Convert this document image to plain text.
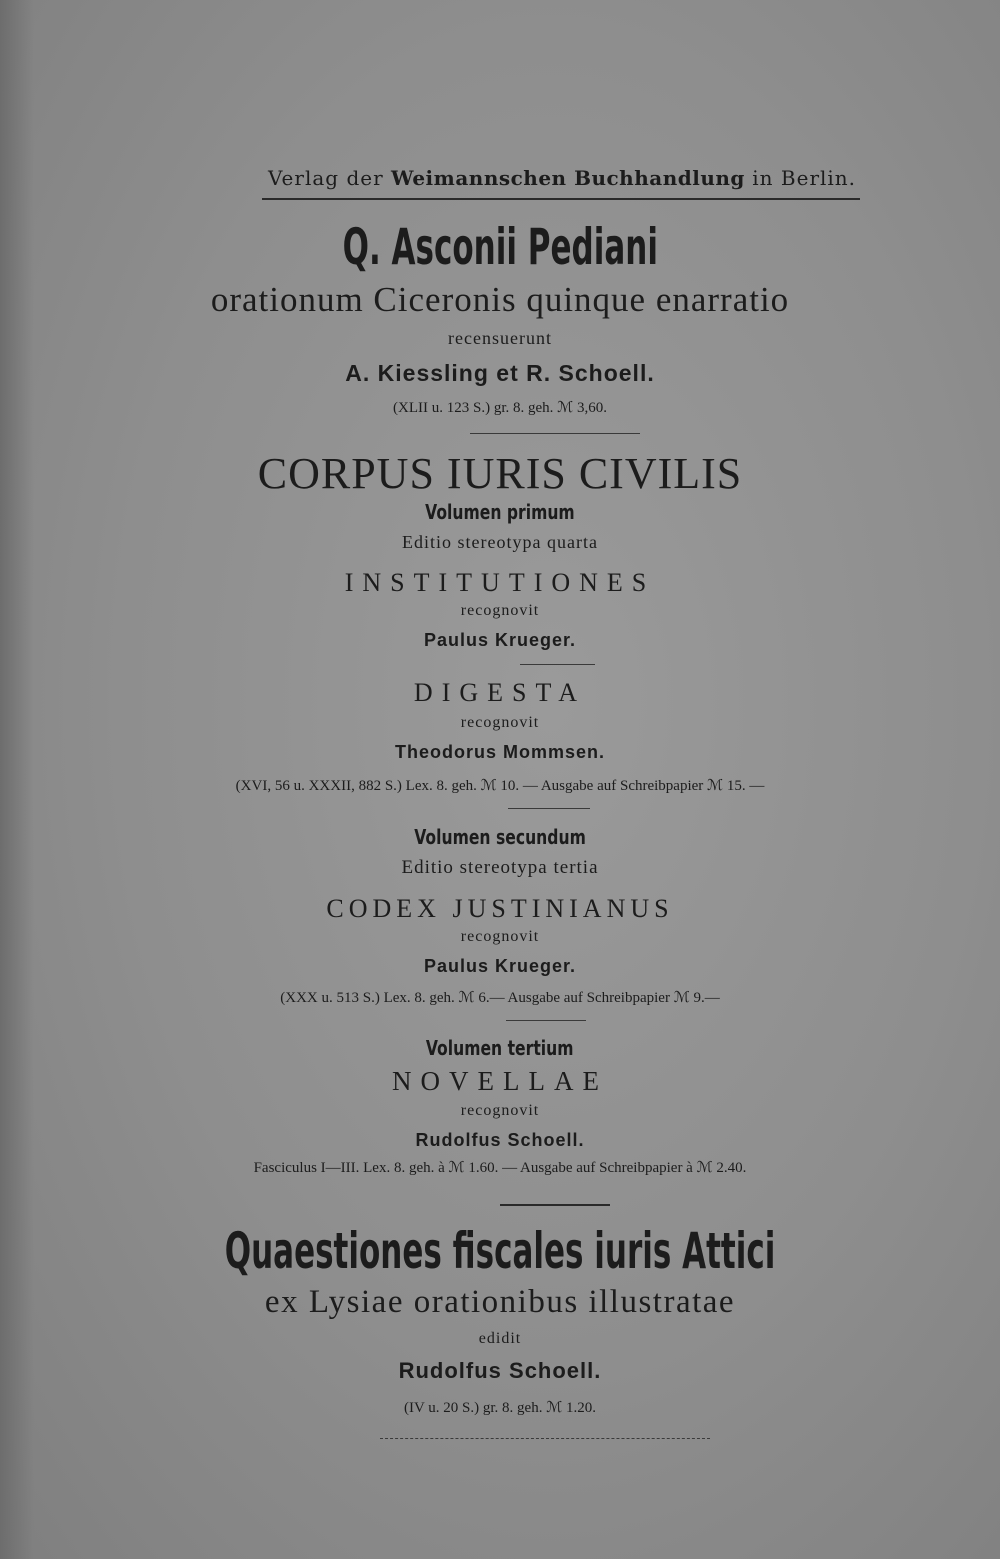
Verlag der Weimannschen Buchhandlung in Berlin.
Q. Asconii Pediani
orationum Ciceronis quinque enarratio
recensuerunt
A. Kiessling et R. Schoell.
(XLII u. 123 S.) gr. 8. geh. ℳ 3,60.
CORPUS IURIS CIVILIS
Volumen primum
Editio stereotypa quarta
INSTITUTIONES
recognovit
Paulus Krueger.
DIGESTA
recognovit
Theodorus Mommsen.
(XVI, 56 u. XXXII, 882 S.) Lex. 8. geh. ℳ 10. — Ausgabe auf Schreibpapier ℳ 15. —
Volumen secundum
Editio stereotypa tertia
CODEX JUSTINIANUS
recognovit
Paulus Krueger.
(XXX u. 513 S.) Lex. 8. geh. ℳ 6.— Ausgabe auf Schreibpapier ℳ 9.—
Volumen tertium
NOVELLAE
recognovit
Rudolfus Schoell.
Fasciculus I—III. Lex. 8. geh. à ℳ 1.60. — Ausgabe auf Schreibpapier à ℳ 2.40.
Quaestiones fiscales iuris Attici
ex Lysiae orationibus illustratae
edidit
Rudolfus Schoell.
(IV u. 20 S.) gr. 8. geh. ℳ 1.20.
